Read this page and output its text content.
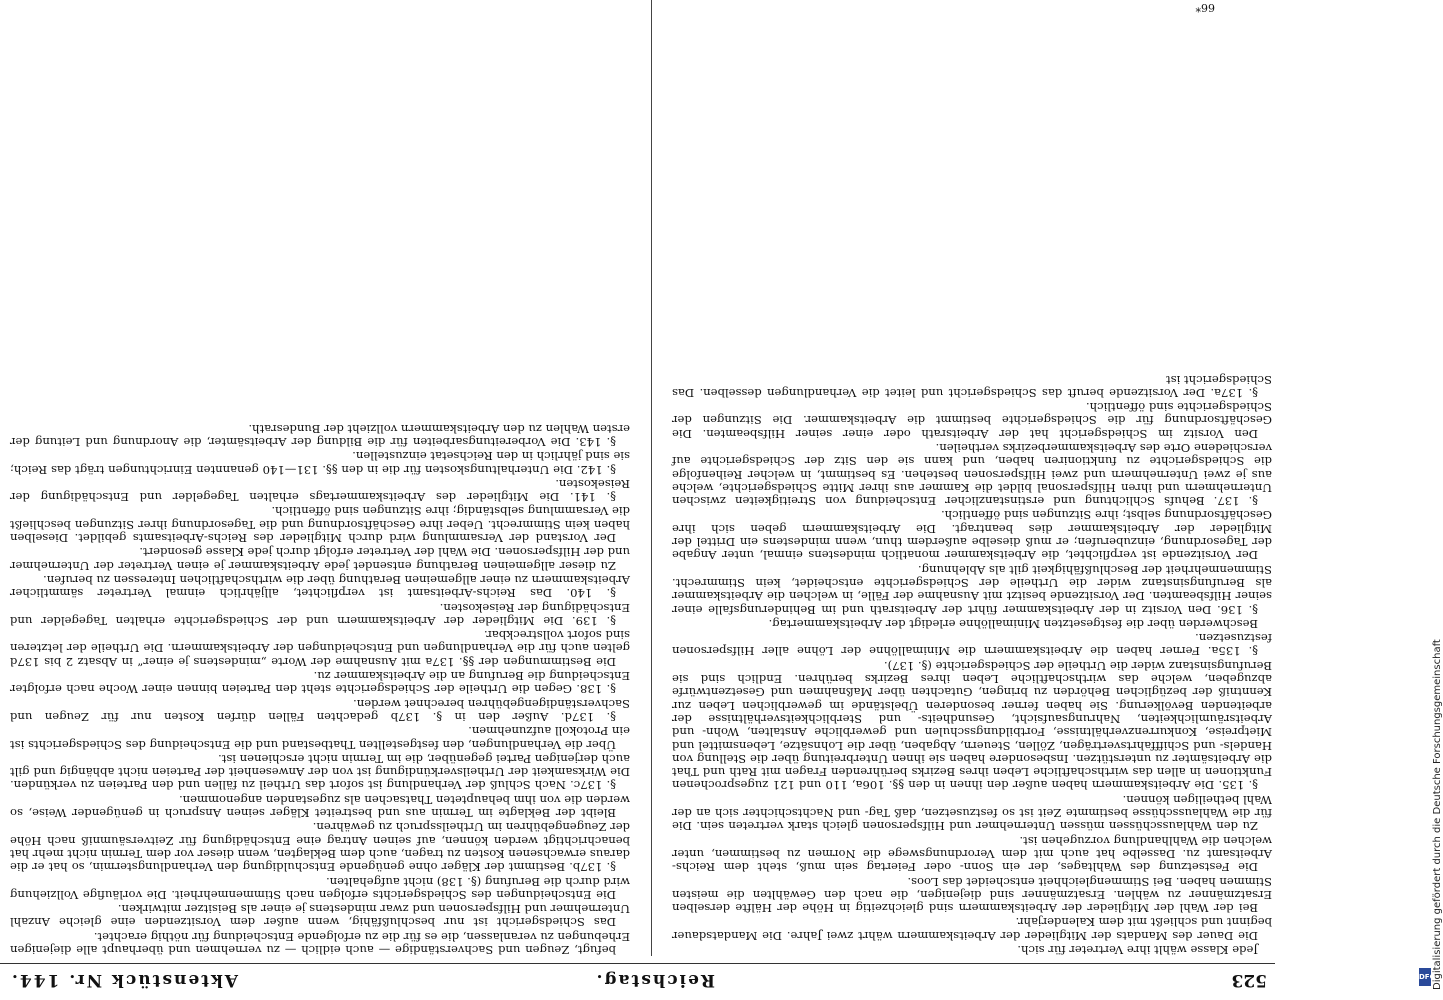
523
Reichstag.
Aktenstück Nr. 144.

Jede Klasse wählt ihre Vertreter für sich.

Die Dauer des Mandats der Mitglieder der Arbeitskammern währt zwei Jahre. Die Mandatsdauer beginnt und schließt mit dem Kalenderjahr.

Bei der Wahl der Mitglieder der Arbeitskammern sind gleichzeitig in Höhe der Hälfte derselben Ersatzmänner zu wählen. Ersatzmänner sind diejenigen, die nach den Gewählten die meisten Stimmen haben. Bei Stimmengleichheit entscheidet das Loos.

Die Festsetzung des Wahltages, der ein Sonn- oder Feiertag sein muß, steht dem Reichs-Arbeitsamt zu. Dasselbe hat auch mit dem Verordnungswege die Normen zu bestimmen, unter welchen die Wahlhandlung vorzugehen ist.

Zu den Wahlausschüssen müssen Unternehmer und Hilfspersonen gleich stark vertreten sein. Die für die Wahlausschüsse bestimmte Zeit ist so festzusetzen, daß Tag- und Nachtschichter sich an der Wahl betheiligen können.

§. 135. Die Arbeitskammern haben außer den ihnen in den §§. 106a, 110 und 121 zugesprochenen Funktionen in allen das wirthschaftliche Leben ihres Bezirks berührenden Fragen mit Rath und That die Arbeitsämter zu unterstützen. Insbesondere haben sie ihnen Unterbreitung über die Stellung von Handels- und Schifffahrtsverträgen, Zöllen, Steuern, Abgaben, über die Lohnsätze, Lebensmittel und Mietpreise, Konkurrenzverhältnisse, Fortbildungsschulen und gewerbliche Anstalten, Wohn- und Arbeitsräumlichkeiten, Nahrungsaufsicht, Gesundheits- und Sterblichkeitsverhältnisse der arbeitenden Bevölkerung. Sie haben ferner besonderen Übelstände im gewerblichen Leben zur Kenntniß der bezüglichen Behörden zu bringen, Gutachten über Maßnahmen und Gesetzentwürfe abzugeben, welche das wirthschaftliche Leben ihres Bezirks berühren. Endlich sind sie Berufungsinstanz wider die Urtheile der Schiedsgerichte (§. 137).

§. 135a. Ferner haben die Arbeitskammern die Minimallöhne der Löhne aller Hilfspersonen festzusetzen.

Beschwerden über die festgesetzten Minimallöhne erledigt der Arbeitskammertag.

§. 136. Den Vorsitz in der Arbeitskammer führt der Arbeitsrath und im Behinderungsfalle einer seiner Hilfsbeamten. Der Vorsitzende besitzt mit Ausnahme der Fälle, in welchen die Arbeitskammer als Berufungsinstanz wider die Urtheile der Schiedsgerichte entscheidet, kein Stimmrecht. Stimmenmehrheit der Beschlußfähigkeit gilt als Ablehnung.

Der Vorsitzende ist verpflichtet, die Arbeitskammer monatlich mindestens einmal, unter Angabe der Tagesordnung, einzuberufen; er muß dieselbe außerdem thun, wenn mindestens ein Drittel der Mitglieder der Arbeitskammer dies beantragt. Die Arbeitskammern geben sich ihre Geschäftsordnung selbst; ihre Sitzungen sind öffentlich.

§. 137. Behufs Schlichtung und erstinstanzlicher Entscheidung von Streitigkeiten zwischen Unternehmern und ihren Hilfspersonal bildet die Kammer aus ihrer Mitte Schiedsgerichte, welche aus je zwei Unternehmern und zwei Hilfspersonen bestehen. Es bestimmt, in welcher Reihenfolge die Schiedsgerichte zu funktioniren haben, und kann sie den Sitz der Schiedsgerichte auf verschiedene Orte des Arbeitskammerbezirks vertheilen.

Den Vorsitz im Schiedsgericht hat der Arbeitsrath oder einer seiner Hilfsbeamten. Die Geschäftsordnung für die Schiedsgerichte bestimmt die Arbeitskammer. Die Sitzungen der Schiedsgerichte sind öffentlich.

§. 137a. Der Vorsitzende beruft das Schiedsgericht und leitet die Verhandlungen desselben. Das Schiedsgericht ist

befugt, Zeugen und Sachverständige — auch eidlich — zu vernehmen und überhaupt alle diejenigen Erhebungen zu veranlassen, die es für die zu erfolgende Entscheidung für nöthig erachtet.

Das Schiedsgericht ist nur beschlußfähig, wenn außer dem Vorsitzenden eine gleiche Anzahl Unternehmer und Hilfspersonen und zwar mindestens je einer als Beisitzer mitwirken.

Die Entscheidungen des Schiedsgerichts erfolgen nach Stimmenmehrheit. Die vorläufige Vollziehung wird durch die Berufung (§. 138) nicht aufgehalten.

§. 137b. Bestimmt der Kläger ohne genügende Entschuldigung den Verhandlungstermin, so hat er die daraus erwachsenen Kosten zu tragen, auch dem Beklagten, wenn dieser vor dem Termin nicht mehr hat benachrichtigt werden können, auf seinen Antrag eine Entschädigung für Zeitversäumniß nach Höhe der Zeugengebühren im Urtheilsspruch zu gewähren.

Bleibt der Beklagte im Termin aus und bestreitet Kläger seinen Anspruch in genügender Weise, so werden die von ihm behaupteten Thatsachen als zugestanden angenommen.

§. 137c. Nach Schluß der Verhandlung ist sofort das Urtheil zu fällen und den Parteien zu verkünden. Die Wirksamkeit der Urtheilsverkündigung ist von der Anwesenheit der Parteien nicht abhängig und gilt auch derjenigen Partei gegenüber, die im Termin nicht erschienen ist.

Über die Verhandlungen, den festgestellten Thatbestand und die Entscheidung des Schiedsgerichts ist ein Protokoll aufzunehmen.

§. 137d. Außer den in §. 137b gedachten Fällen dürfen Kosten nur für Zeugen und Sachverständigengebühren berechnet werden.

§. 138. Gegen die Urtheile der Schiedsgerichte steht den Parteien binnen einer Woche nach erfolgter Entscheidung die Berufung an die Arbeitskammer zu.

Die Bestimmungen der §§. 137a mit Ausnahme der Worte „mindestens je einer“ in Absatz 2 bis 137d gelten auch für die Verhandlungen und Entscheidungen der Arbeitskammern. Die Urtheile der letzteren sind sofort vollstreckbar.

§. 139. Die Mitglieder der Arbeitskammern und der Schiedsgerichte erhalten Tagegelder und Entschädigung der Reisekosten.

§. 140. Das Reichs-Arbeitsamt ist verpflichtet, alljährlich einmal Vertreter sämmtlicher Arbeitskammern zu einer allgemeinen Berathung über die wirthschaftlichen Interessen zu berufen.

Zu dieser allgemeinen Berathung entsendet jede Arbeitskammer je einen Vertreter der Unternehmer und der Hilfspersonen. Die Wahl der Vertreter erfolgt durch jede Klasse gesondert.

Der Vorstand der Versammlung wird durch Mitglieder des Reichs-Arbeitsamts gebildet. Dieselben haben kein Stimmrecht. Ueber ihre Geschäftsordnung und die Tagesordnung ihrer Sitzungen beschließt die Versammlung selbständig; ihre Sitzungen sind öffentlich.

§. 141. Die Mitglieder des Arbeitskammertags erhalten Tagegelder und Entschädigung der Reisekosten.

§. 142. Die Unterhaltungskosten für die in den §§. 131—140 genannten Einrichtungen trägt das Reich; sie sind jährlich in den Reichsetat einzustellen.

§. 143. Die Vorbereitungsarbeiten für die Bildung der Arbeitsämter, die Anordnung und Leitung der ersten Wahlen zu den Arbeitskammern vollzieht der Bundesrath.

66*
Digitalisierung gefördert durch die Deutsche Forschungsgemeinschaft
DFG
